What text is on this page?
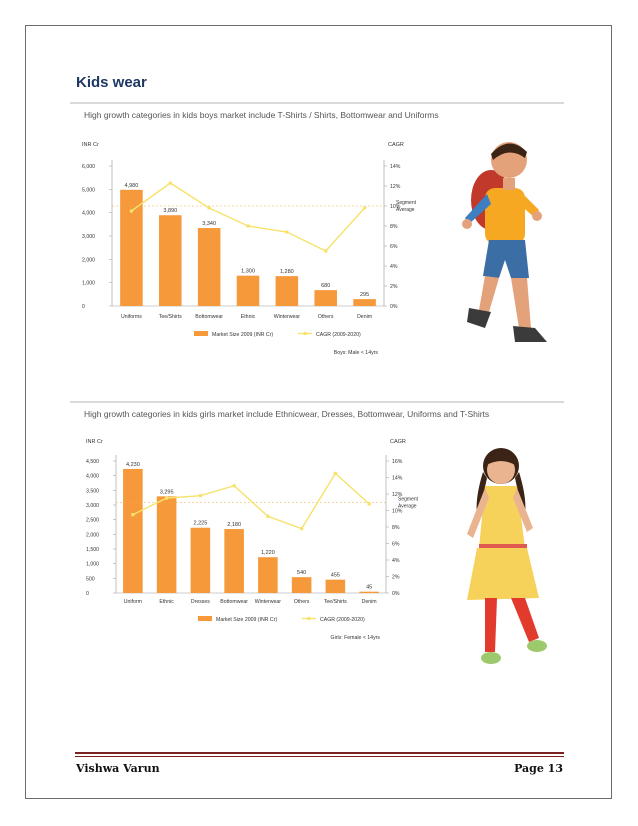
Kids wear
High growth categories in kids boys market include T-Shirts / Shirts, Bottomwear and Uniforms
INR Cr	CAGR
0
1,000
2,000
3,000
4,000
5,000
6,000
0%
2%
4%
6%
8%
10%
12%
14%
4,980
Uniforms
3,890
Tee/Shirts
3,340
Bottomwear
1,300
Ethnic
1,280
Winterwear
680
Others
295
Denim
Segment
Average
Market Size 2009 (INR Cr)	CAGR (2009-2020)
Boys: Male < 14yrs
High growth categories in kids girls market include Ethnicwear, Dresses, Bottomwear, Uniforms and T-Shirts
INR Cr	CAGR
0
500
1,000
1,500
2,000
2,500
3,000
3,500
4,000
4,500
0%
2%
4%
6%
8%
10%
12%
14%
16%
4,230
Uniform
3,295
Ethnic
2,225
Dresses
2,180
Bottomwear
1,220
Winterwear
540
Others
455
Tee/Shirts
45
Denim
Segment
Average
Market Size 2009 (INR Cr)	CAGR (2009-2020)
Girls: Female < 14yrs
Vishwa Varun	Page 13
